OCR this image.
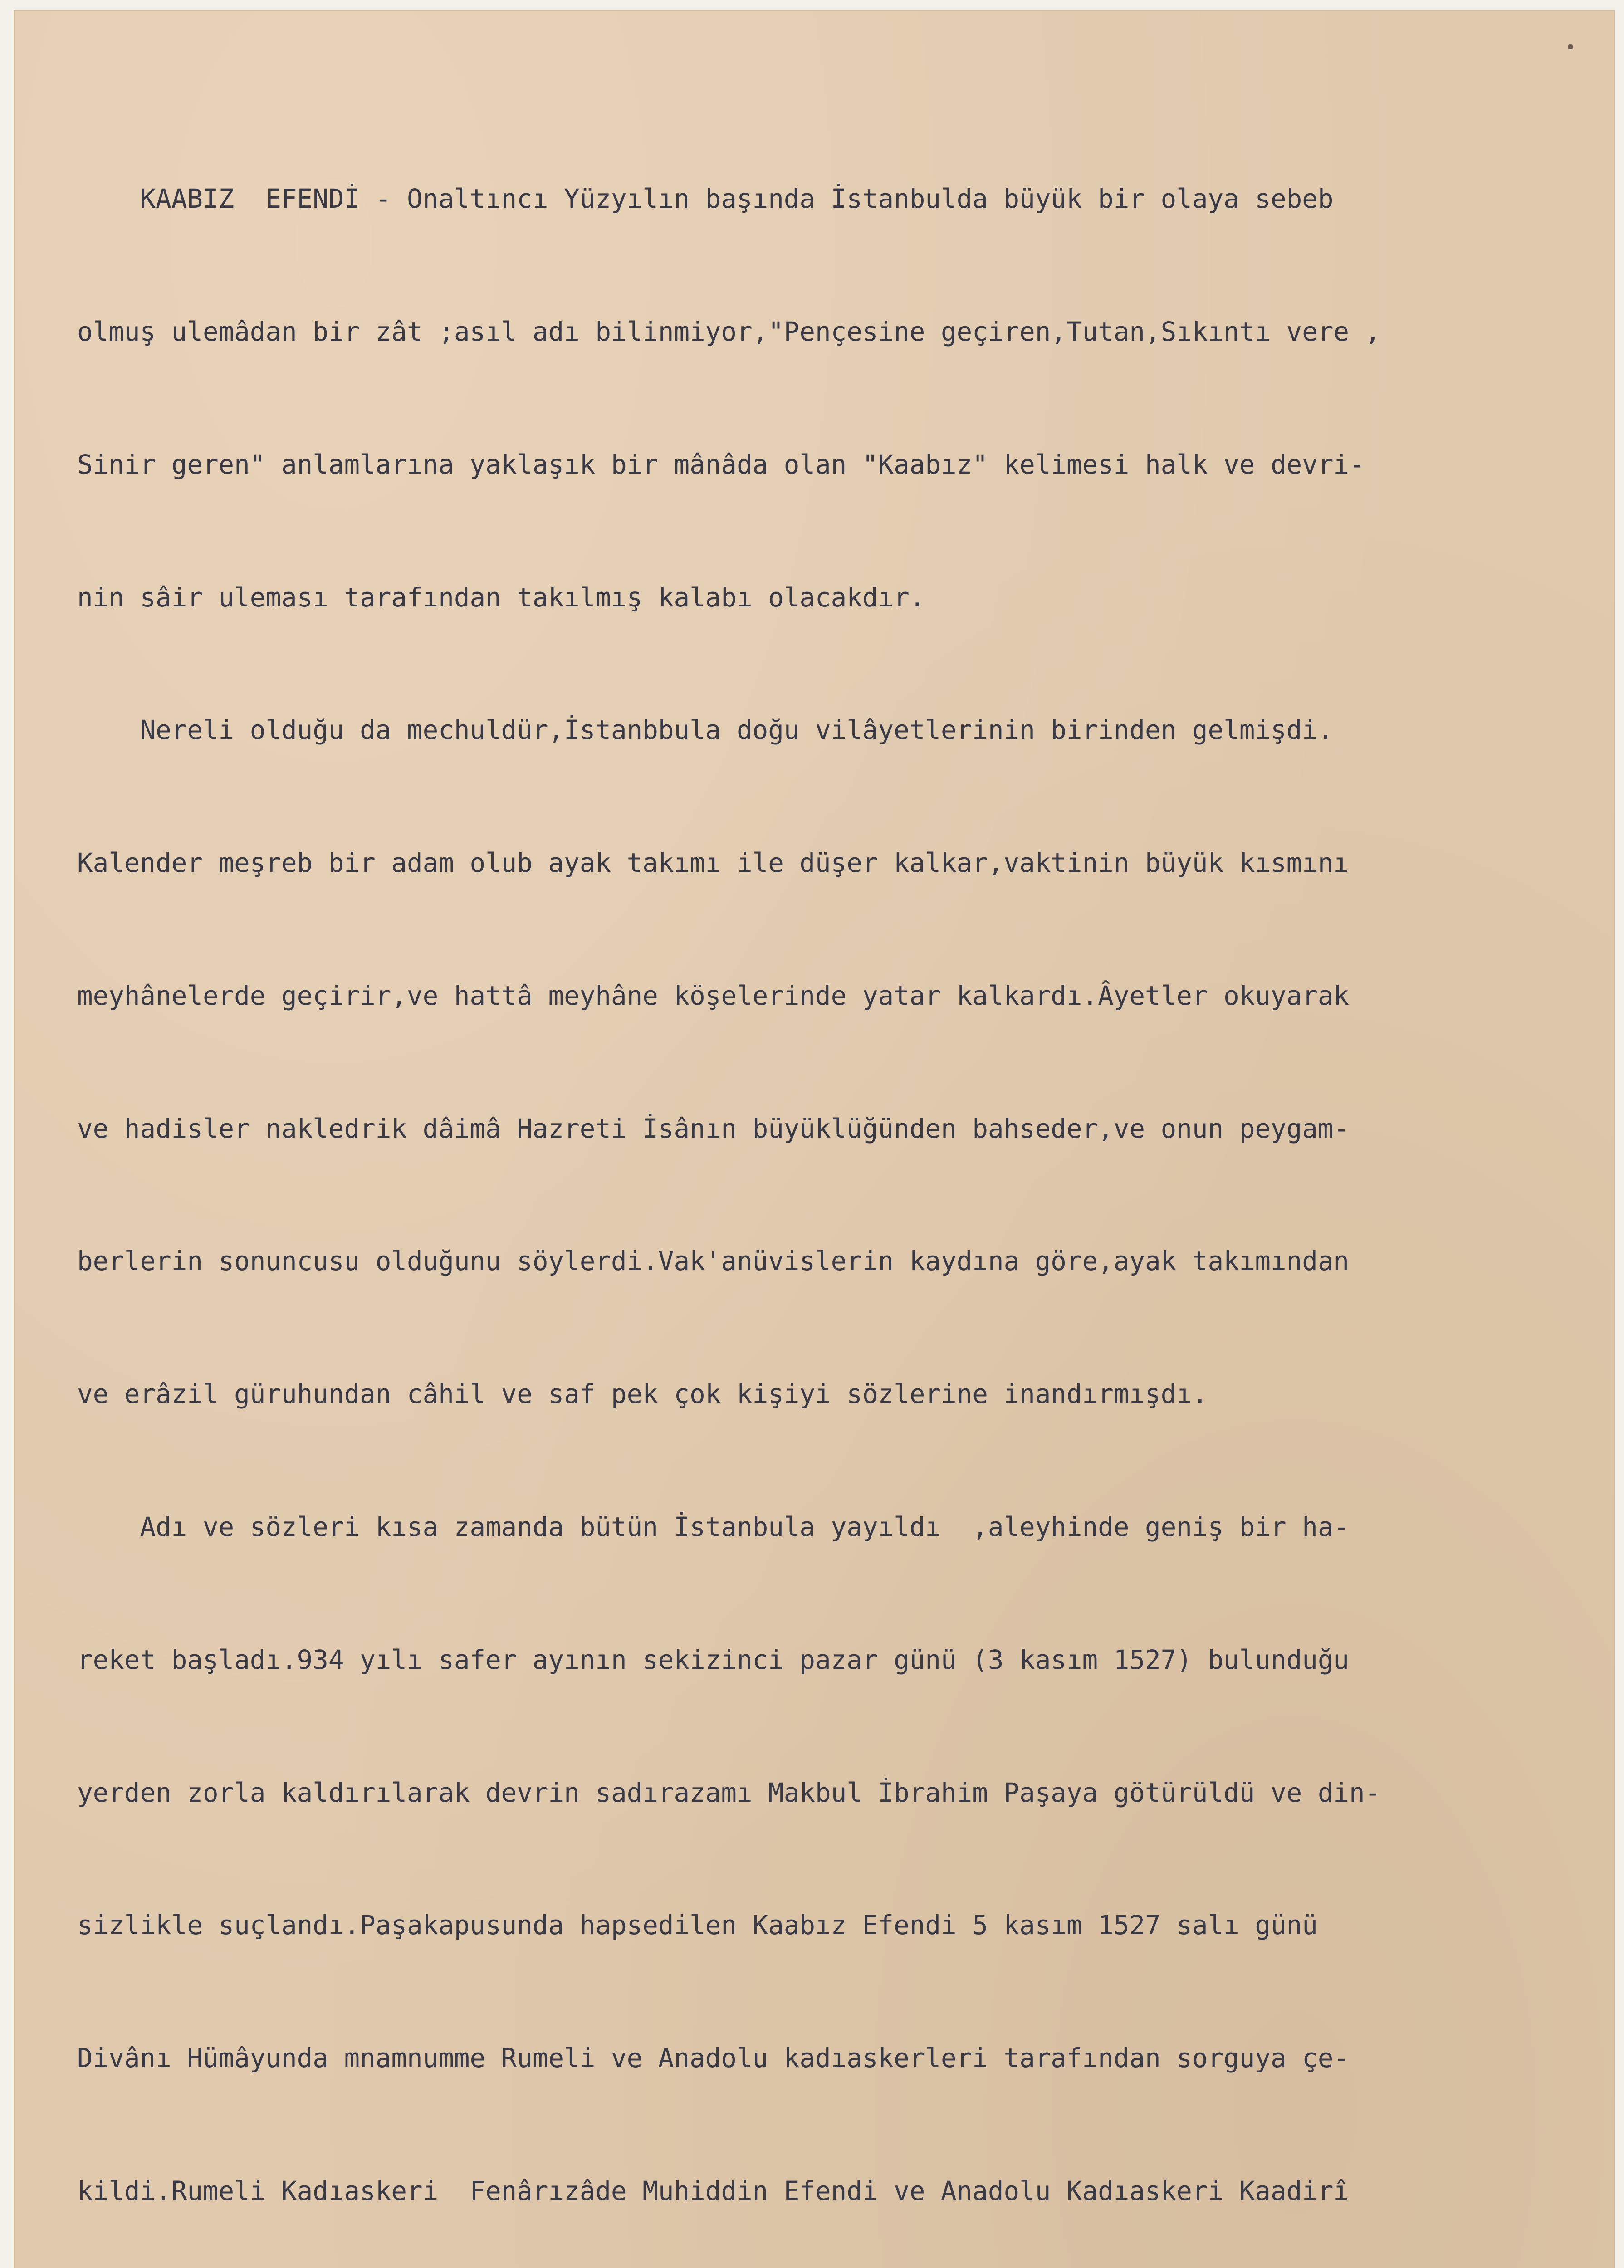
•

KAABIZ  EFENDİ - Onaltıncı Yüzyılın başında İstanbulda büyük bir olaya sebeb

olmuş ulemâdan bir zât ;asıl adı bilinmiyor,"Pençesine geçiren,Tutan,Sıkıntı vere ,

Sinir geren" anlamlarına yaklaşık bir mânâda olan "Kaabız" kelimesi halk ve devri-

nin sâir uleması tarafından takılmış kalabı olacakdır.

Nereli olduğu da mechuldür,İstanbbula doğu vilâyetlerinin birinden gelmişdi.

Kalender meşreb bir adam olub ayak takımı ile düşer kalkar,vaktinin büyük kısmını

meyhânelerde geçirir,ve hattâ meyhâne köşelerinde yatar kalkardı.Âyetler okuyarak

ve hadisler nakledrik dâimâ Hazreti İsânın büyüklüğünden bahseder,ve onun peygam-

berlerin sonuncusu olduğunu söylerdi.Vak'anüvislerin kaydına göre,ayak takımından

ve erâzil güruhundan câhil ve saf pek çok kişiyi sözlerine inandırmışdı.

Adı ve sözleri kısa zamanda bütün İstanbula yayıldı  ,aleyhinde geniş bir ha-

reket başladı.934 yılı safer ayının sekizinci pazar günü (3 kasım 1527) bulunduğu

yerden zorla kaldırılarak devrin sadırazamı Makbul İbrahim Paşaya götürüldü ve din-

sizlikle suçlandı.Paşakapusunda hapsedilen Kaabız Efendi 5 kasım 1527 salı günü

Divânı Hümâyunda mnamnumme Rumeli ve Anadolu kadıaskerleri tarafından sorguya çe-

kildi.Rumeli Kadıaskeri  Fenârızâde Muhiddin Efendi ve Anadolu Kadıaskeri Kaadirî
